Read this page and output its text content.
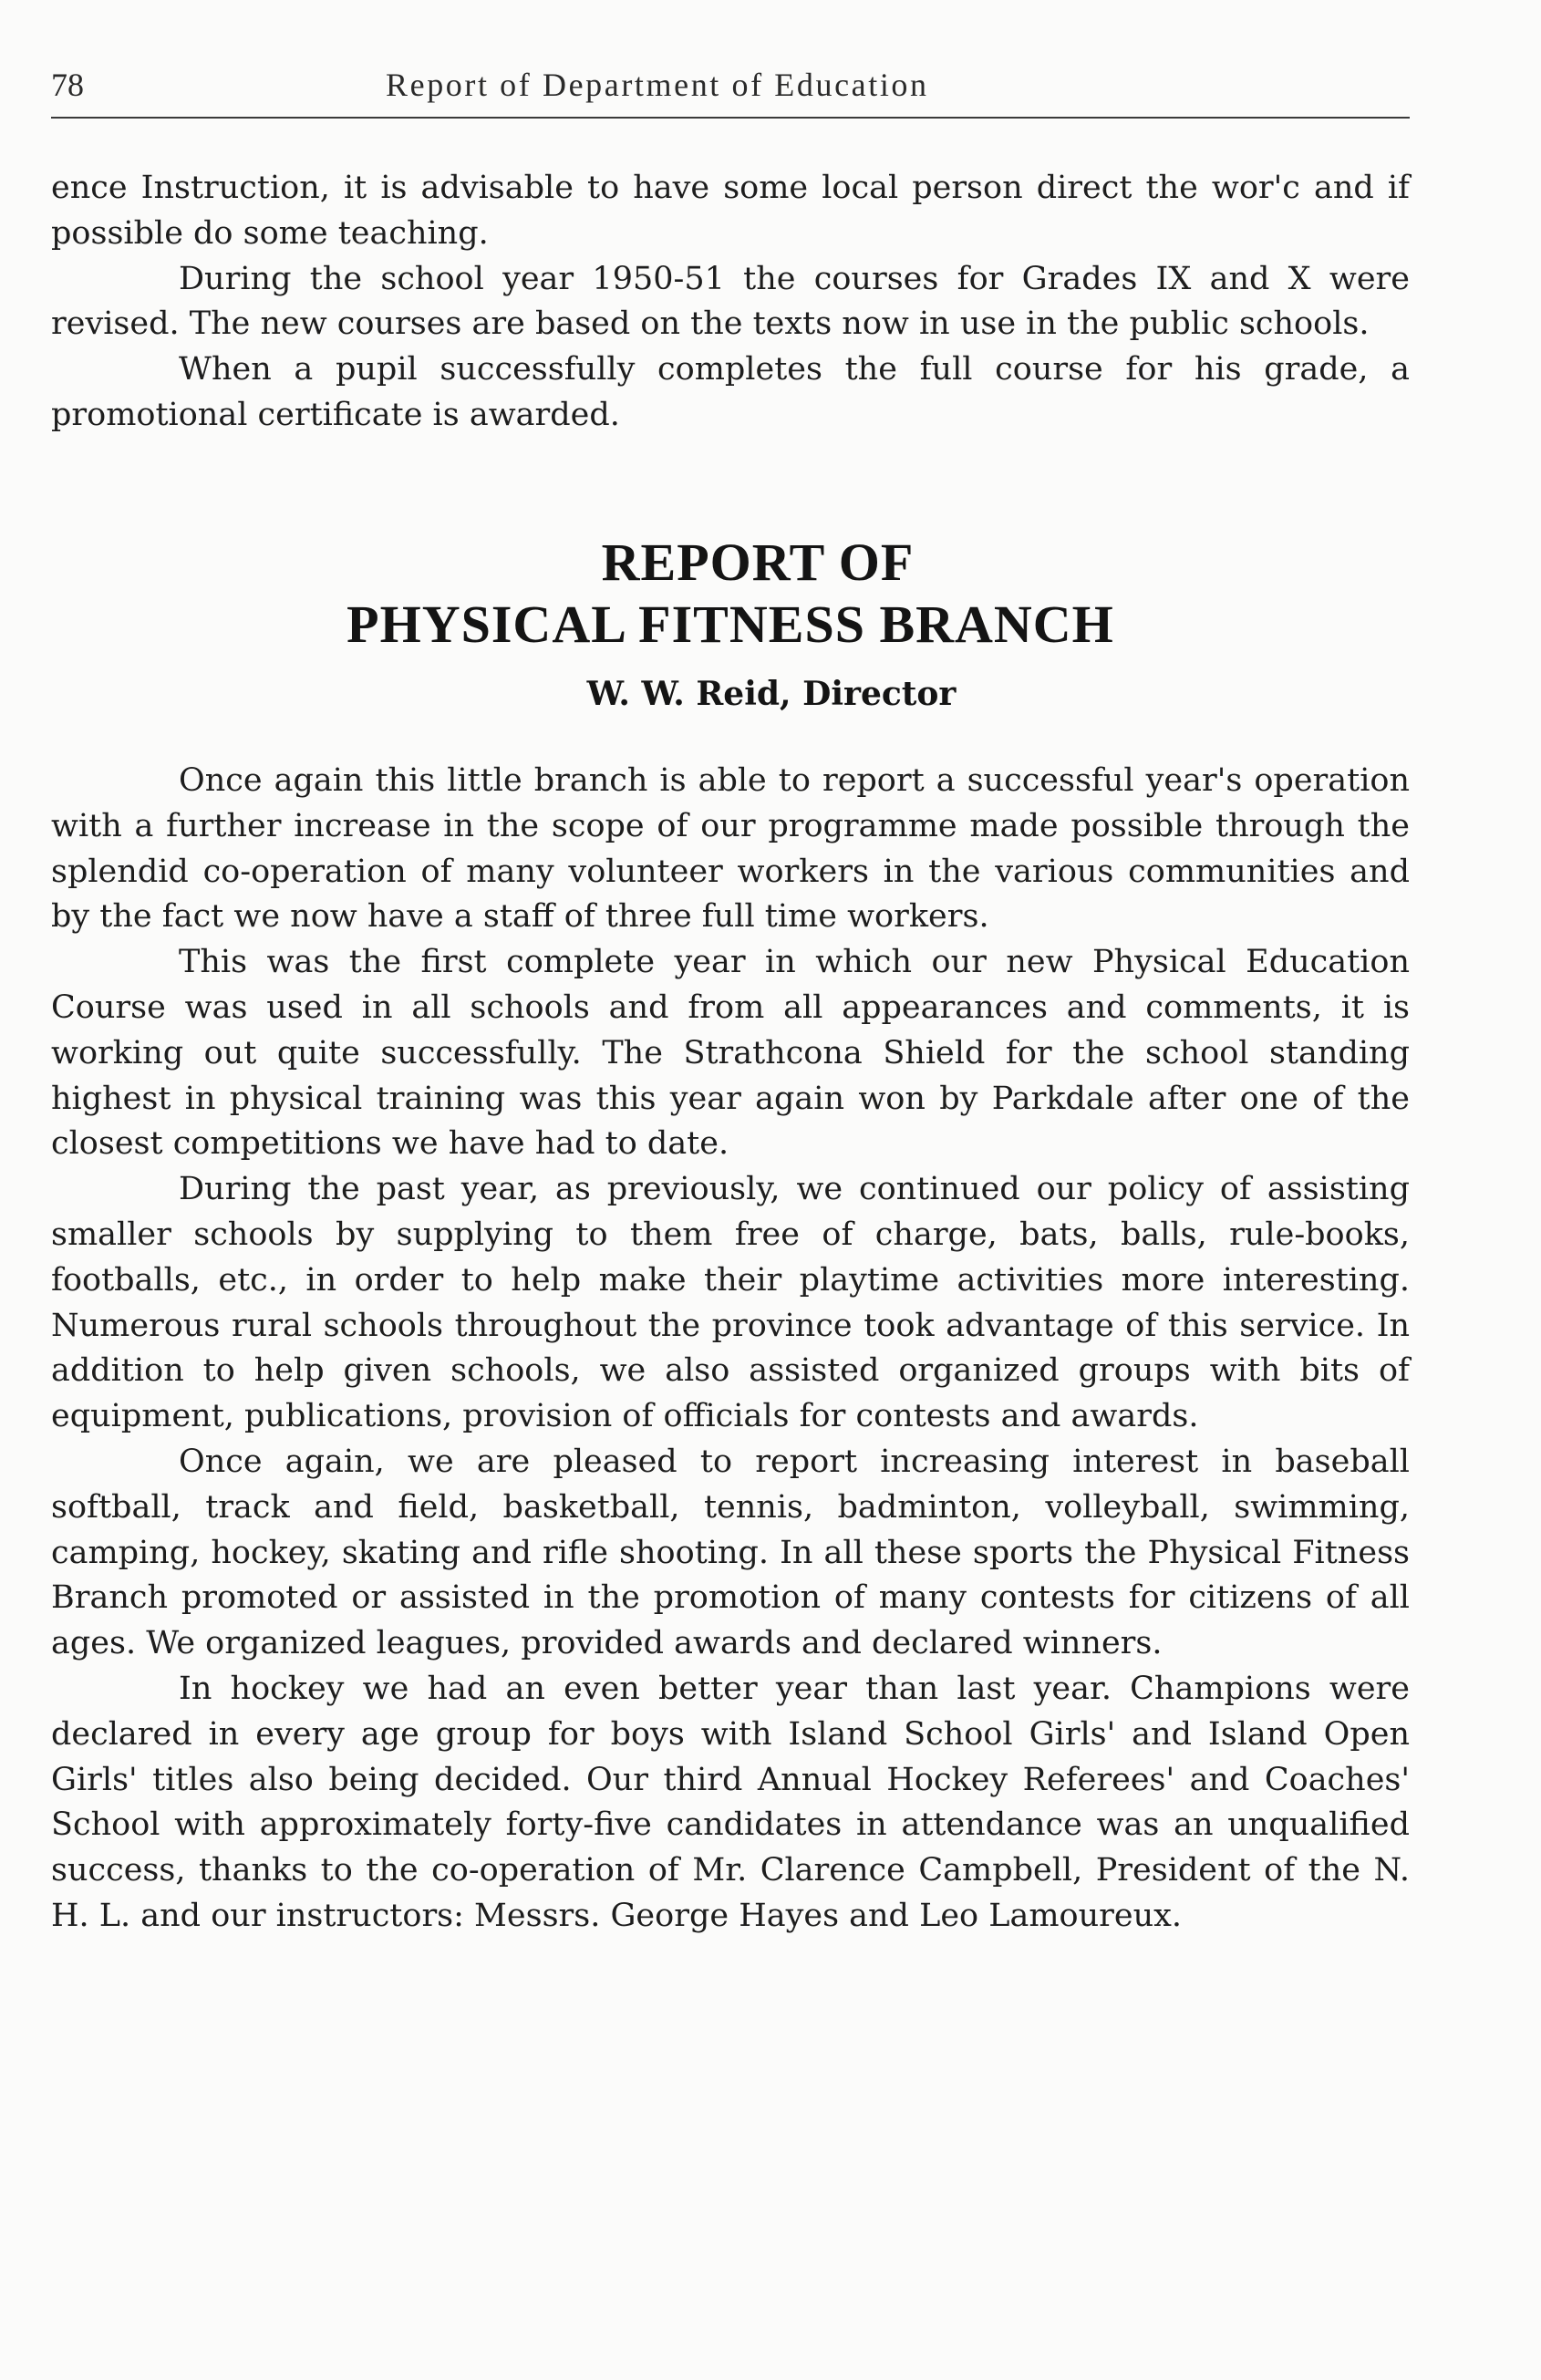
78	Report of Department of Education

ence Instruction, it is advisable to have some local person direct the wor'c and if possible do some teaching.

During the school year 1950-51 the courses for Grades IX and X were revised. The new courses are based on the texts now in use in the public schools.

When a pupil successfully completes the full course for his grade, a promotional certificate is awarded.

REPORT OF
PHYSICAL FITNESS BRANCH
W. W. Reid, Director

Once again this little branch is able to report a successful year's operation with a further increase in the scope of our programme made possible through the splendid co-operation of many volunteer workers in the various communities and by the fact we now have a staff of three full time workers.

This was the first complete year in which our new Physical Education Course was used in all schools and from all appearances and comments, it is working out quite successfully. The Strathcona Shield for the school standing highest in physical training was this year again won by Parkdale after one of the closest competitions we have had to date.

During the past year, as previously, we continued our policy of assisting smaller schools by supplying to them free of charge, bats, balls, rule-books, footballs, etc., in order to help make their playtime activities more interesting. Numerous rural schools throughout the province took advantage of this service. In addition to help given schools, we also assisted organized groups with bits of equipment, publications, provision of officials for contests and awards.

Once again, we are pleased to report increasing interest in baseball softball, track and field, basketball, tennis, badminton, volleyball, swimming, camping, hockey, skating and rifle shooting. In all these sports the Physical Fitness Branch promoted or assisted in the promotion of many contests for citizens of all ages. We organized leagues, provided awards and declared winners.

In hockey we had an even better year than last year. Champions were declared in every age group for boys with Island School Girls' and Island Open Girls' titles also being decided. Our third Annual Hockey Referees' and Coaches' School with approximately forty-five candidates in attendance was an unqualified success, thanks to the co-operation of Mr. Clarence Campbell, President of the N. H. L. and our instructors: Messrs. George Hayes and Leo Lamoureux.
